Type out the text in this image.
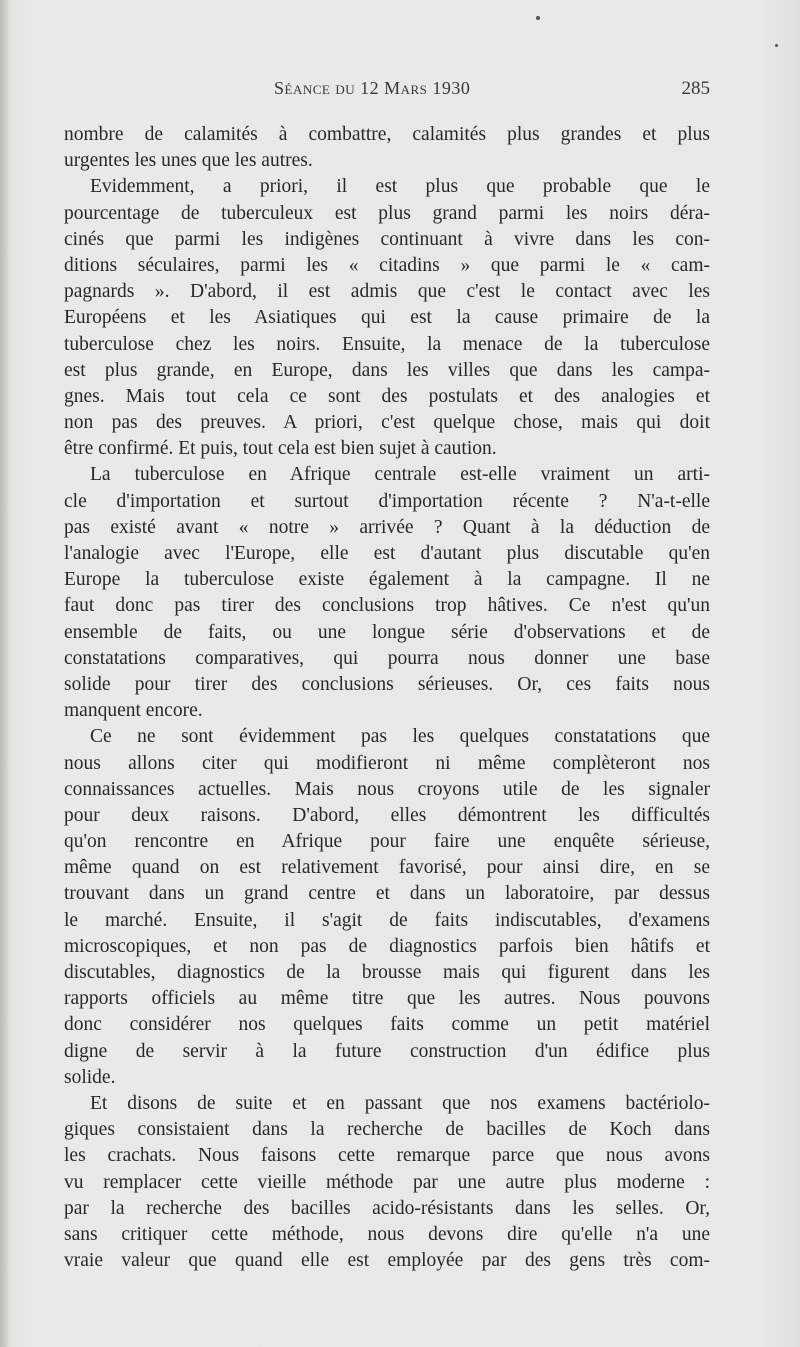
Séance du 12 Mars 1930	285
nombre de calamités à combattre, calamités plus grandes et plus
urgentes les unes que les autres.
Evidemment, a priori, il est plus que probable que le
pourcentage de tuberculeux est plus grand parmi les noirs déra-
cinés que parmi les indigènes continuant à vivre dans les con-
ditions séculaires, parmi les « citadins » que parmi le « cam-
pagnards ». D'abord, il est admis que c'est le contact avec les
Européens et les Asiatiques qui est la cause primaire de la
tuberculose chez les noirs. Ensuite, la menace de la tuberculose
est plus grande, en Europe, dans les villes que dans les campa-
gnes. Mais tout cela ce sont des postulats et des analogies et
non pas des preuves. A priori, c'est quelque chose, mais qui doit
être confirmé. Et puis, tout cela est bien sujet à caution.
La tuberculose en Afrique centrale est-elle vraiment un arti-
cle d'importation et surtout d'importation récente ? N'a-t-elle
pas existé avant « notre » arrivée ? Quant à la déduction de
l'analogie avec l'Europe, elle est d'autant plus discutable qu'en
Europe la tuberculose existe également à la campagne. Il ne
faut donc pas tirer des conclusions trop hâtives. Ce n'est qu'un
ensemble de faits, ou une longue série d'observations et de
constatations comparatives, qui pourra nous donner une base
solide pour tirer des conclusions sérieuses. Or, ces faits nous
manquent encore.
Ce ne sont évidemment pas les quelques constatations que
nous allons citer qui modifieront ni même complèteront nos
connaissances actuelles. Mais nous croyons utile de les signaler
pour deux raisons. D'abord, elles démontrent les difficultés
qu'on rencontre en Afrique pour faire une enquête sérieuse,
même quand on est relativement favorisé, pour ainsi dire, en se
trouvant dans un grand centre et dans un laboratoire, par dessus
le marché. Ensuite, il s'agit de faits indiscutables, d'examens
microscopiques, et non pas de diagnostics parfois bien hâtifs et
discutables, diagnostics de la brousse mais qui figurent dans les
rapports officiels au même titre que les autres. Nous pouvons
donc considérer nos quelques faits comme un petit matériel
digne de servir à la future construction d'un édifice plus
solide.
Et disons de suite et en passant que nos examens bactériolo-
giques consistaient dans la recherche de bacilles de Koch dans
les crachats. Nous faisons cette remarque parce que nous avons
vu remplacer cette vieille méthode par une autre plus moderne :
par la recherche des bacilles acido-résistants dans les selles. Or,
sans critiquer cette méthode, nous devons dire qu'elle n'a une
vraie valeur que quand elle est employée par des gens très com-
